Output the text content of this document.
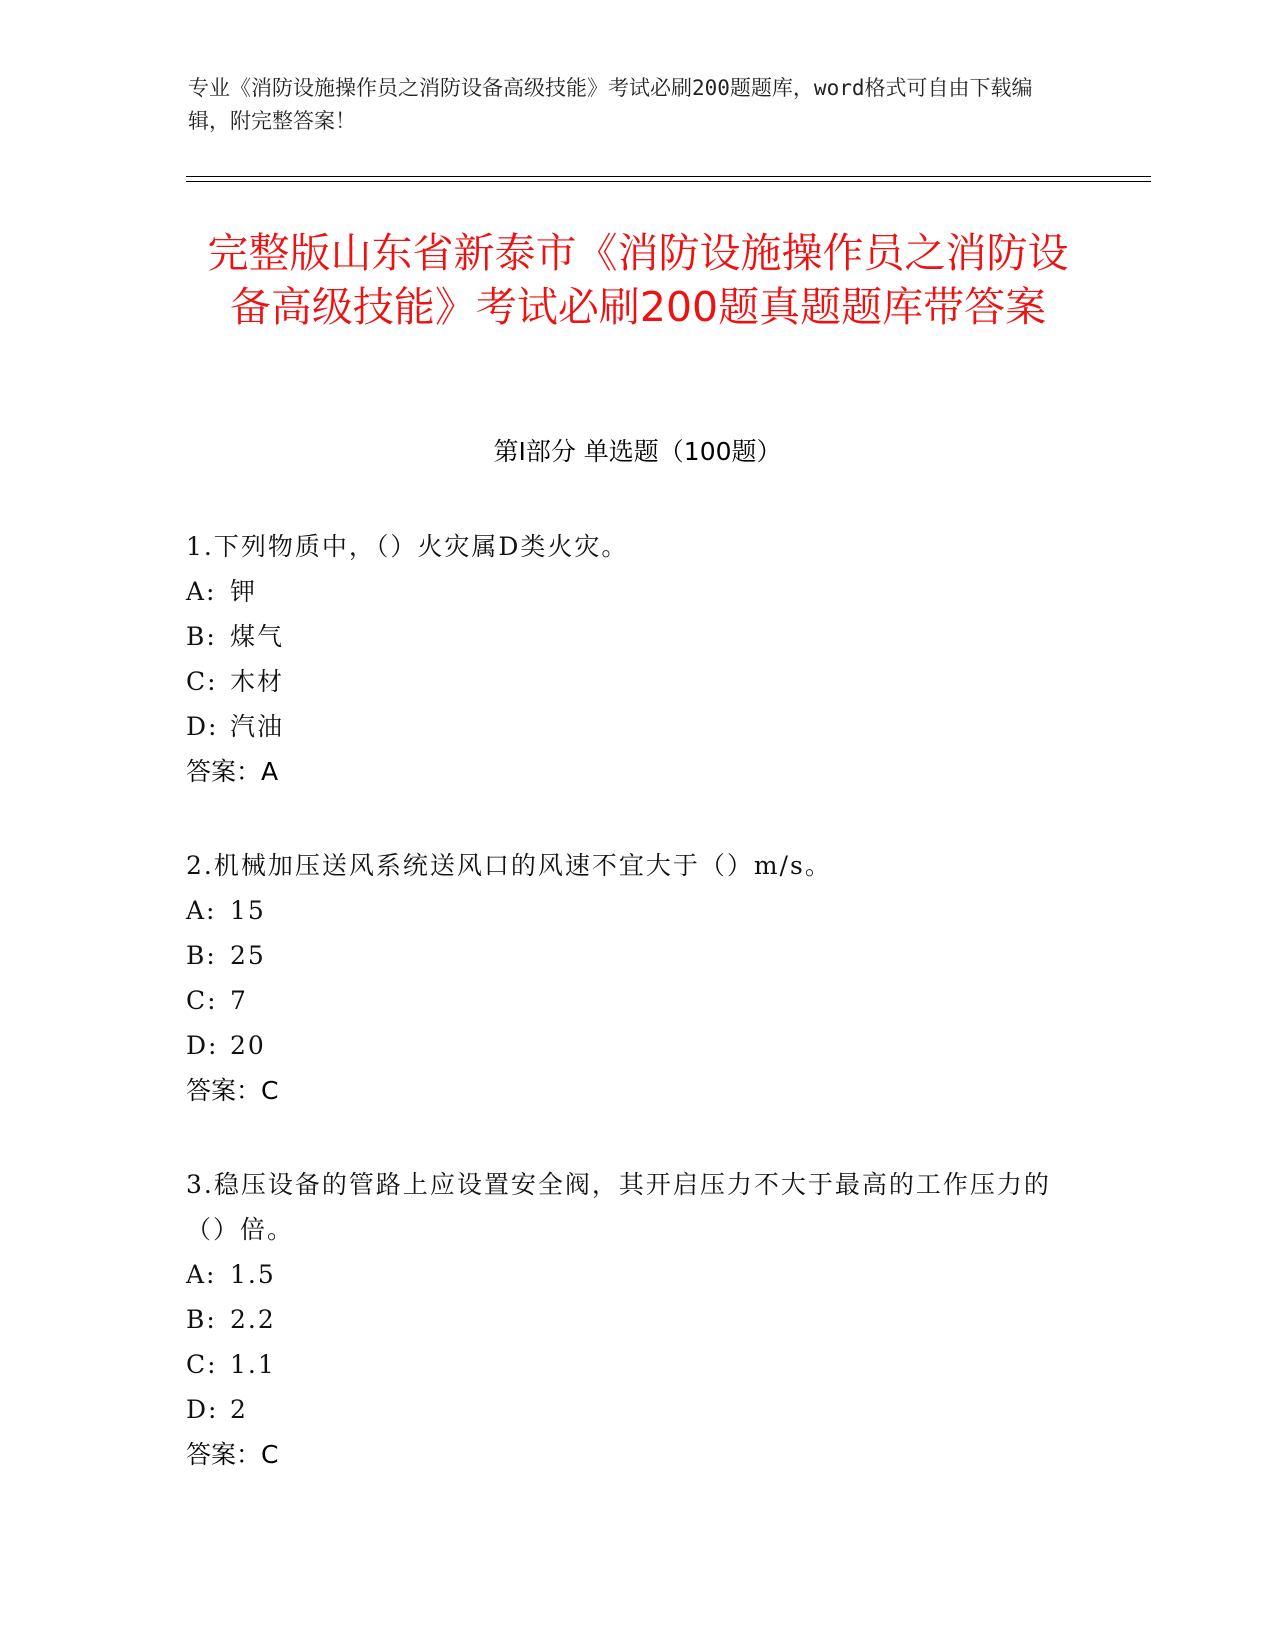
专业《消防设施操作员之消防设备高级技能》考试必刷200题题库，word格式可自由下载编辑，附完整答案！
完整版山东省新泰市《消防设施操作员之消防设备高级技能》考试必刷200题真题题库带答案
第I部分 单选题（100题）
1.下列物质中，（）火灾属D类火灾。
A: 钾
B: 煤气
C: 木材
D: 汽油
答案：A
2.机械加压送风系统送风口的风速不宜大于（）m/s。
A: 15
B: 25
C: 7
D: 20
答案：C
3.稳压设备的管路上应设置安全阀，其开启压力不大于最高的工作压力的（）倍。
A: 1.5
B: 2.2
C: 1.1
D: 2
答案：C
